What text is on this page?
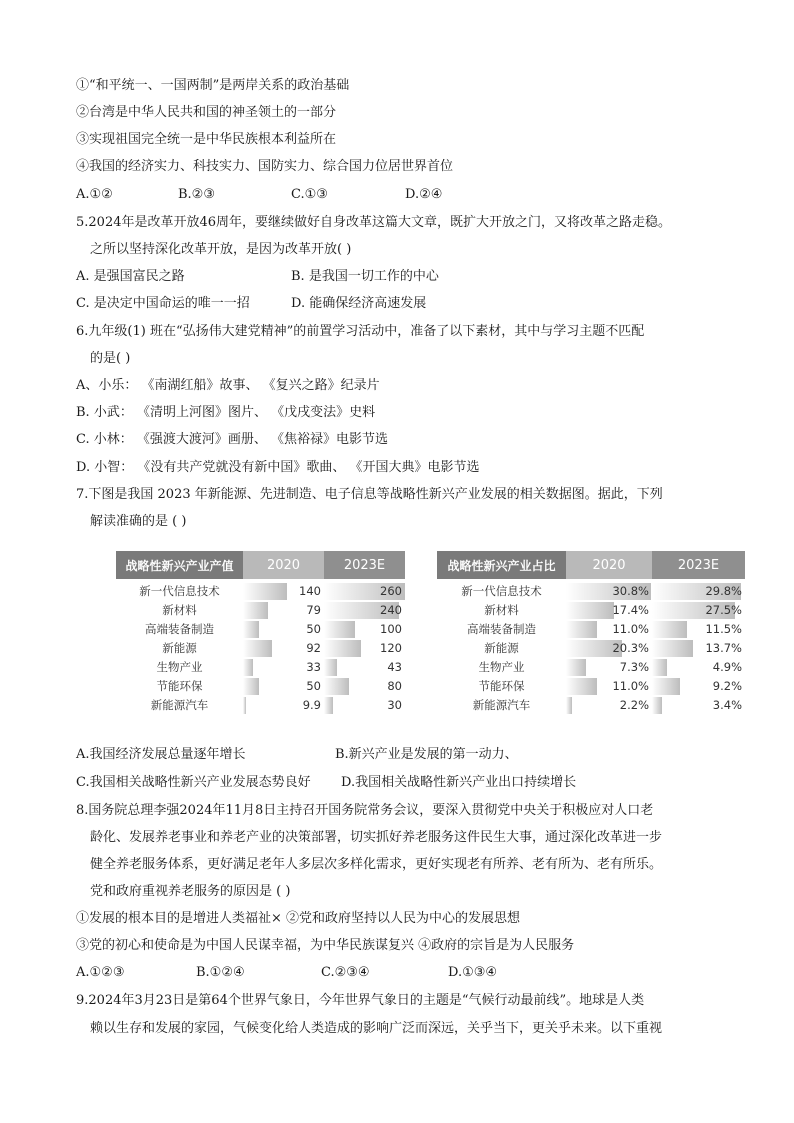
①“和平统一、一国两制”是两岸关系的政治基础
②台湾是中华人民共和国的神圣领土的一部分
③实现祖国完全统一是中华民族根本利益所在
④我国的经济实力、科技实力、国防实力、综合国力位居世界首位
A.①②	B.②③	C.①③	D.②④
5.2024年是改革开放46周年，要继续做好自身改革这篇大文章，既扩大开放之门，又将改革之路走稳。
之所以坚持深化改革开放，是因为改革开放( )
A. 是强国富民之路	B. 是我国一切工作的中心
C. 是决定中国命运的唯一一招	D. 能确保经济高速发展
6.九年级(1) 班在“弘扬伟大建党精神”的前置学习活动中，准备了以下素材，其中与学习主题不匹配
的是( )
A、小乐： 《南湖红船》故事、 《复兴之路》纪录片
B. 小武： 《清明上河图》图片、 《戊戌变法》史料
C. 小林： 《强渡大渡河》画册、 《焦裕禄》电影节选
D. 小智： 《没有共产党就没有新中国》歌曲、 《开国大典》电影节选
7.下图是我国 2023 年新能源、先进制造、电子信息等战略性新兴产业发展的相关数据图。据此，下列
解读准确的是 ( )
战略性新兴产业产值	2020	2023E
新一代信息技术	140	260
新材料	79	240
高端装备制造	50	100
新能源	92	120
生物产业	33	43
节能环保	50	80
新能源汽车	9.9	30
战略性新兴产业占比	2020	2023E
新一代信息技术	30.8%	29.8%
新材料	17.4%	27.5%
高端装备制造	11.0%	11.5%
新能源	20.3%	13.7%
生物产业	7.3%	4.9%
节能环保	11.0%	9.2%
新能源汽车	2.2%	3.4%
A.我国经济发展总量逐年增长	B.新兴产业是发展的第一动力、
C.我国相关战略性新兴产业发展态势良好 D.我国相关战略性新兴产业出口持续增长
8.国务院总理李强2024年11月8日主持召开国务院常务会议，要深入贯彻党中央关于积极应对人口老
龄化、发展养老事业和养老产业的决策部署，切实抓好养老服务这件民生大事，通过深化改革进一步
健全养老服务体系，更好满足老年人多层次多样化需求，更好实现老有所养、老有所为、老有所乐。
党和政府重视养老服务的原因是 ( )
①发展的根本目的是增进人类福祉× ②党和政府坚持以人民为中心的发展思想
③党的初心和使命是为中国人民谋幸福，为中华民族谋复兴 ④政府的宗旨是为人民服务
A.①②③	B.①②④	C.②③④	D.①③④
9.2024年3月23日是第64个世界气象日，今年世界气象日的主题是“气候行动最前线”。地球是人类
赖以生存和发展的家园，气候变化给人类造成的影响广泛而深远，关乎当下，更关乎未来。以下重视
